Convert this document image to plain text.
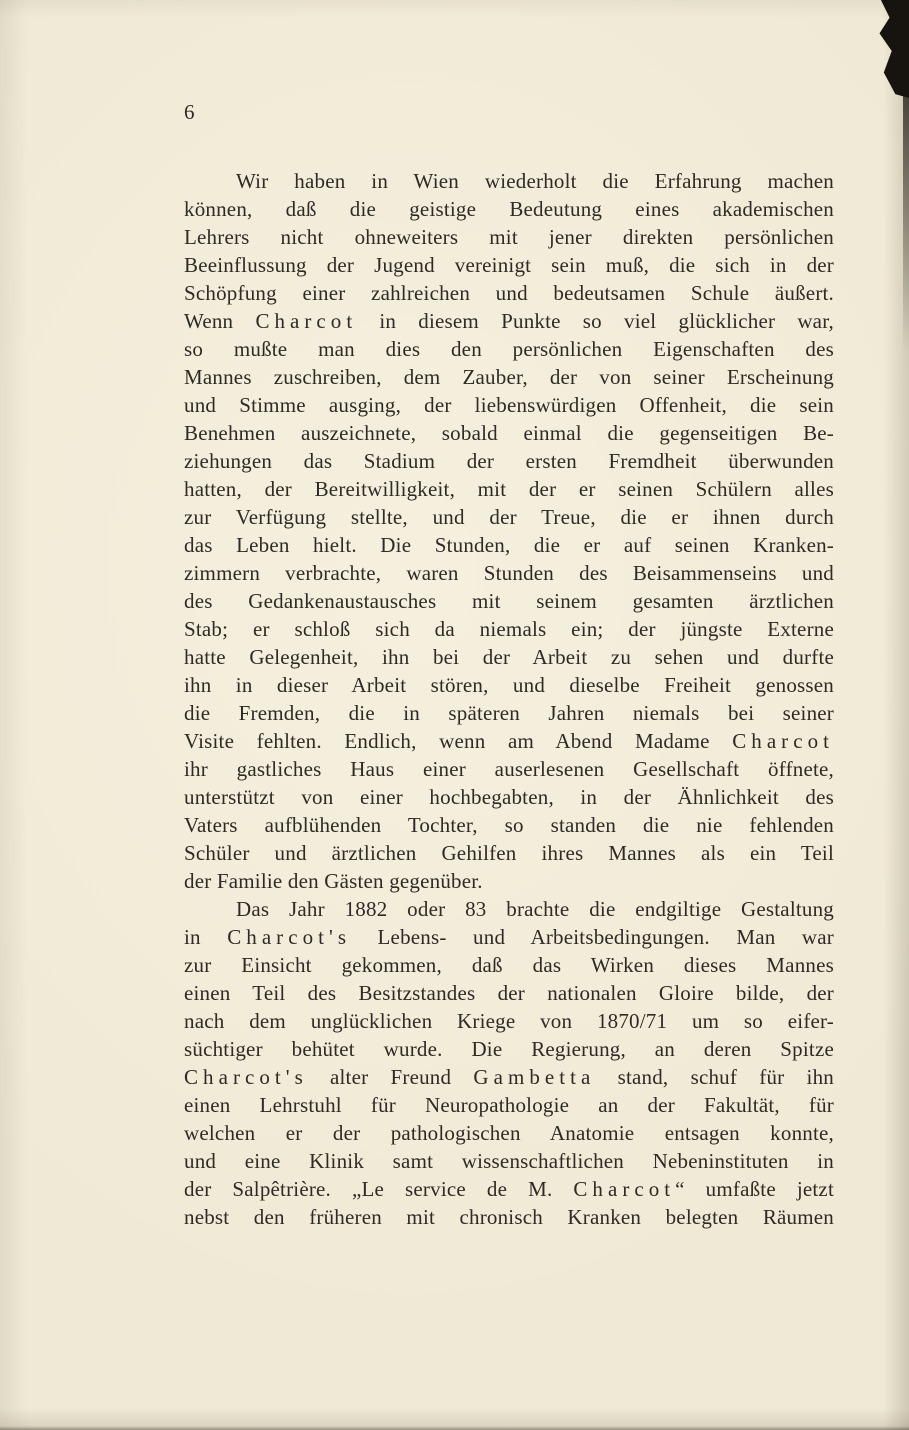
6
Wir haben in Wien wiederholt die Erfahrung machen
können, daß die geistige Bedeutung eines akademischen
Lehrers nicht ohneweiters mit jener direkten persönlichen
Beeinflussung der Jugend vereinigt sein muß, die sich in der
Schöpfung einer zahlreichen und bedeutsamen Schule äußert.
Wenn Charcot in diesem Punkte so viel glücklicher war,
so mußte man dies den persönlichen Eigenschaften des
Mannes zuschreiben, dem Zauber, der von seiner Erscheinung
und Stimme ausging, der liebenswürdigen Offenheit, die sein
Benehmen auszeichnete, sobald einmal die gegenseitigen Be-
ziehungen das Stadium der ersten Fremdheit überwunden
hatten, der Bereitwilligkeit, mit der er seinen Schülern alles
zur Verfügung stellte, und der Treue, die er ihnen durch
das Leben hielt. Die Stunden, die er auf seinen Kranken-
zimmern verbrachte, waren Stunden des Beisammenseins und
des Gedankenaustausches mit seinem gesamten ärztlichen
Stab; er schloß sich da niemals ein; der jüngste Externe
hatte Gelegenheit, ihn bei der Arbeit zu sehen und durfte
ihn in dieser Arbeit stören, und dieselbe Freiheit genossen
die Fremden, die in späteren Jahren niemals bei seiner
Visite fehlten. Endlich, wenn am Abend Madame Charcot
ihr gastliches Haus einer auserlesenen Gesellschaft öffnete,
unterstützt von einer hochbegabten, in der Ähnlichkeit des
Vaters aufblühenden Tochter, so standen die nie fehlenden
Schüler und ärztlichen Gehilfen ihres Mannes als ein Teil
der Familie den Gästen gegenüber.
Das Jahr 1882 oder 83 brachte die endgiltige Gestaltung
in Charcot's Lebens- und Arbeitsbedingungen. Man war
zur Einsicht gekommen, daß das Wirken dieses Mannes
einen Teil des Besitzstandes der nationalen Gloire bilde, der
nach dem unglücklichen Kriege von 1870/71 um so eifer-
süchtiger behütet wurde. Die Regierung, an deren Spitze
Charcot's alter Freund Gambetta stand, schuf für ihn
einen Lehrstuhl für Neuropathologie an der Fakultät, für
welchen er der pathologischen Anatomie entsagen konnte,
und eine Klinik samt wissenschaftlichen Nebeninstituten in
der Salpêtrière. „Le service de M. Charcot“ umfaßte jetzt
nebst den früheren mit chronisch Kranken belegten Räumen
